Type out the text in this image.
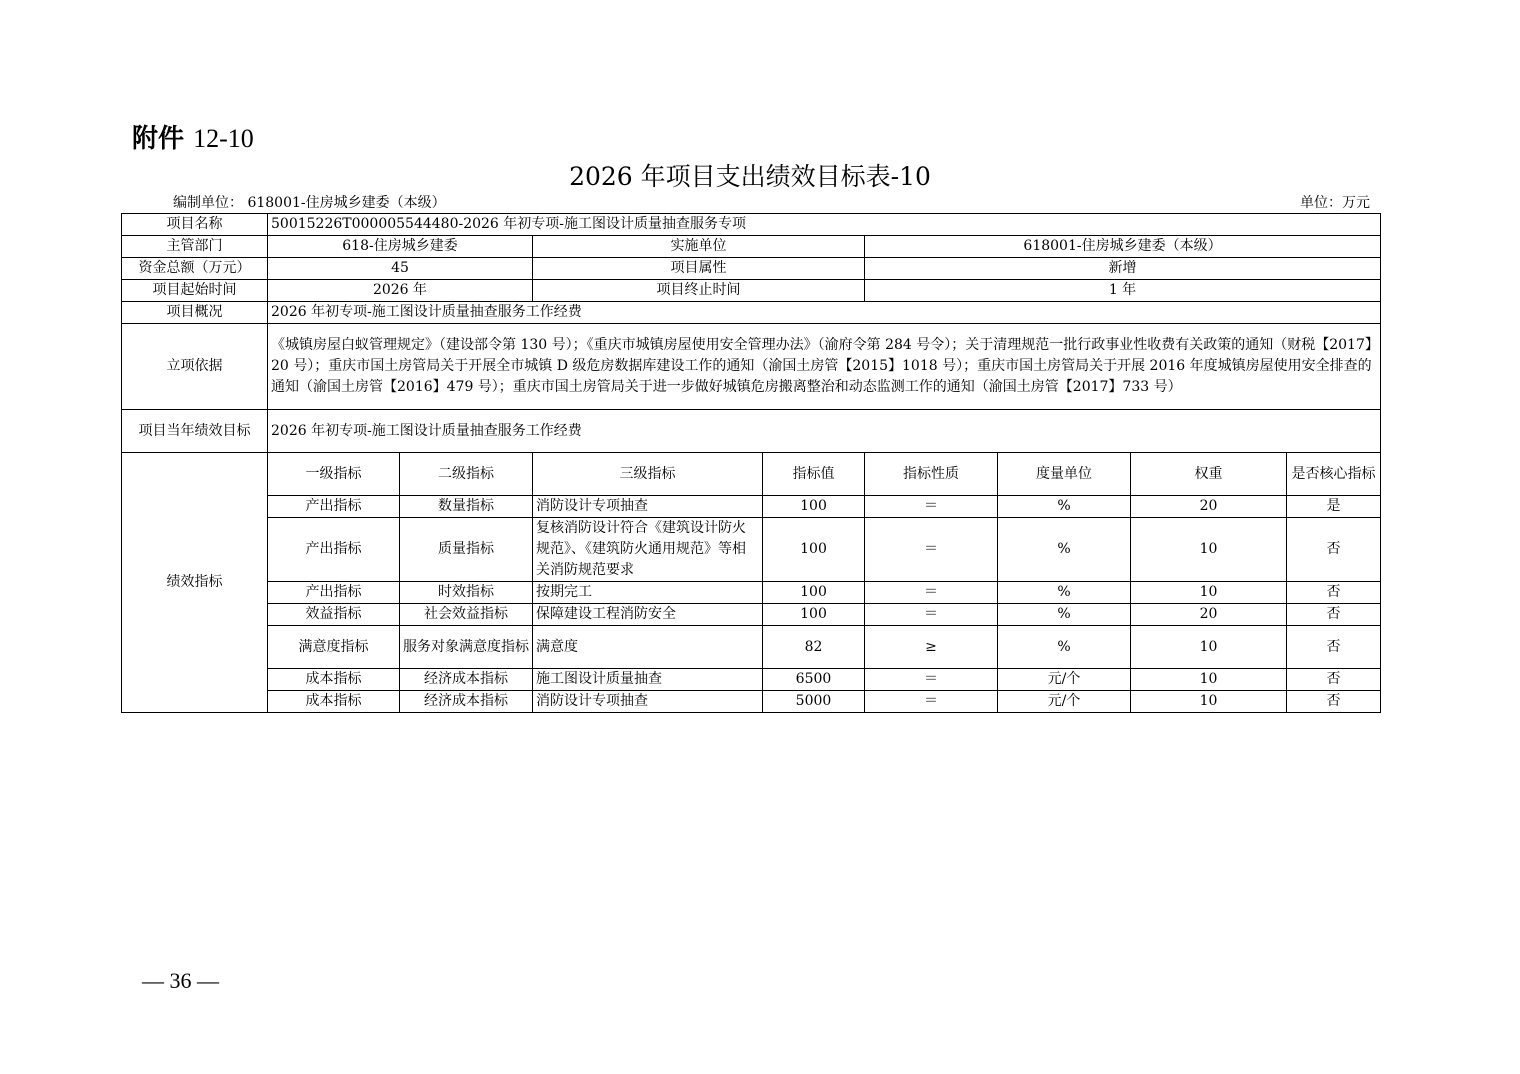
附件 12-10
2026 年项目支出绩效目标表-10
编制单位： 618001-住房城乡建委（本级）	单位：万元
项目名称	50015226T000005544480-2026 年初专项-施工图设计质量抽查服务专项							
主管部门	618-住房城乡建委		实施单位		618001-住房城乡建委（本级）			
资金总额（万元）	45		项目属性		新增			
项目起始时间	2026 年		项目终止时间		1 年			
项目概况	2026 年初专项-施工图设计质量抽查服务工作经费							
立项依据	《城镇房屋白蚁管理规定》（建设部令第 130 号）；《重庆市城镇房屋使用安全管理办法》（渝府令第 284 号令）；关于清理规范一批行政事业性收费有关政策的通知（财税【2017】20 号）；重庆市国土房管局关于开展全市城镇 D 级危房数据库建设工作的通知（渝国土房管【2015】1018 号）；重庆市国土房管局关于开展 2016 年度城镇房屋使用安全排查的通知（渝国土房管【2016】479 号）；重庆市国土房管局关于进一步做好城镇危房搬离整治和动态监测工作的通知（渝国土房管【2017】733 号）							
项目当年绩效目标	2026 年初专项-施工图设计质量抽查服务工作经费							
绩效指标	一级指标	二级指标	三级指标	指标值	指标性质	度量单位	权重	是否核心指标
	产出指标	数量指标	消防设计专项抽查	100	＝	%	20	是
	产出指标	质量指标	复核消防设计符合《建筑设计防火规范》、《建筑防火通用规范》等相关消防规范要求	100	＝	%	10	否
	产出指标	时效指标	按期完工	100	＝	%	10	否
	效益指标	社会效益指标	保障建设工程消防安全	100	＝	%	20	否
	满意度指标	服务对象满意度指标	满意度	82	≥	%	10	否
	成本指标	经济成本指标	施工图设计质量抽查	6500	＝	元/个	10	否
	成本指标	经济成本指标	消防设计专项抽查	5000	＝	元/个	10	否
— 36 —
